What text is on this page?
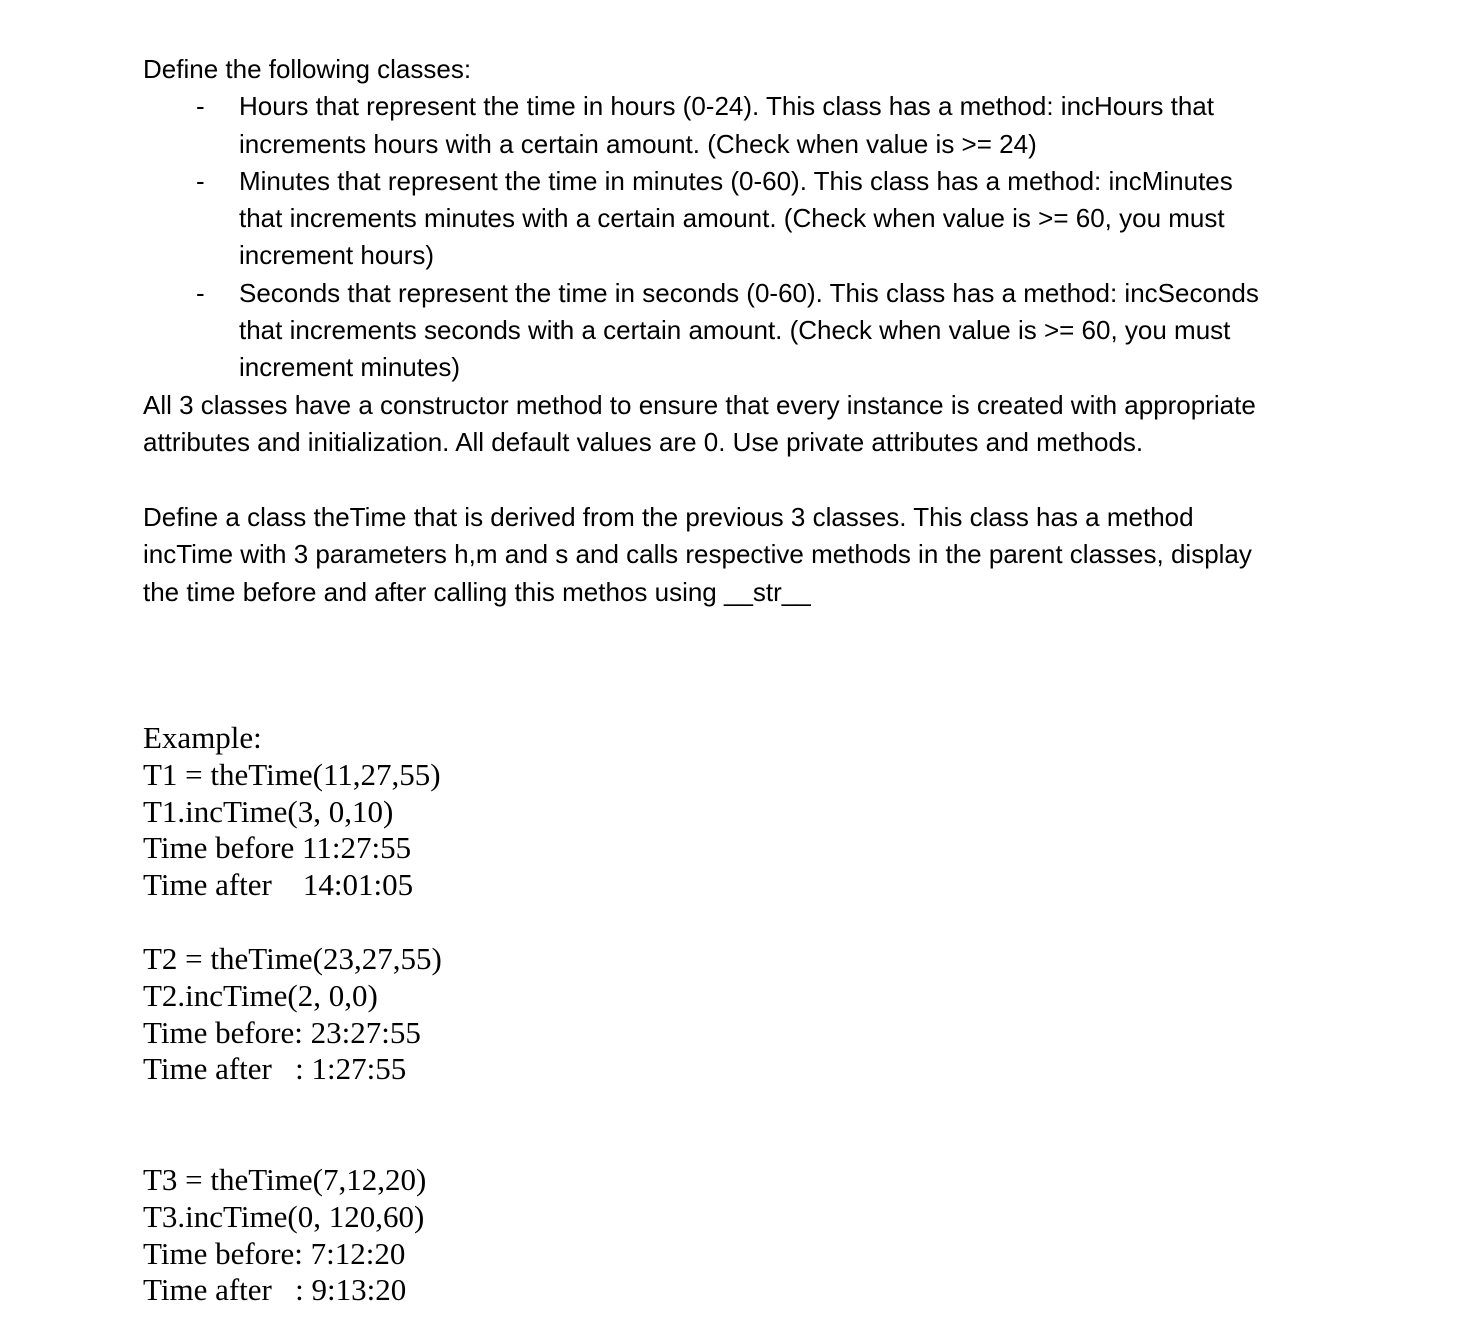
Define the following classes:
- Hours that represent the time in hours (0-24). This class has a method: incHours that
increments hours with a certain amount. (Check when value is >= 24)
- Minutes that represent the time in minutes (0-60). This class has a method: incMinutes
that increments minutes with a certain amount. (Check when value is >= 60, you must
increment hours)
- Seconds that represent the time in seconds (0-60). This class has a method: incSeconds
that increments seconds with a certain amount. (Check when value is >= 60, you must
increment minutes)
All 3 classes have a constructor method to ensure that every instance is created with appropriate
attributes and initialization. All default values are 0. Use private attributes and methods.
Define a class theTime that is derived from the previous 3 classes. This class has a method
incTime with 3 parameters h,m and s and calls respective methods in the parent classes, display
the time before and after calling this methos using __str__
Example:
T1 = theTime(11,27,55)
T1.incTime(3, 0,10)
Time before 11:27:55
Time after    14:01:05
T2 = theTime(23,27,55)
T2.incTime(2, 0,0)
Time before: 23:27:55
Time after   : 1:27:55
T3 = theTime(7,12,20)
T3.incTime(0, 120,60)
Time before: 7:12:20
Time after   : 9:13:20
